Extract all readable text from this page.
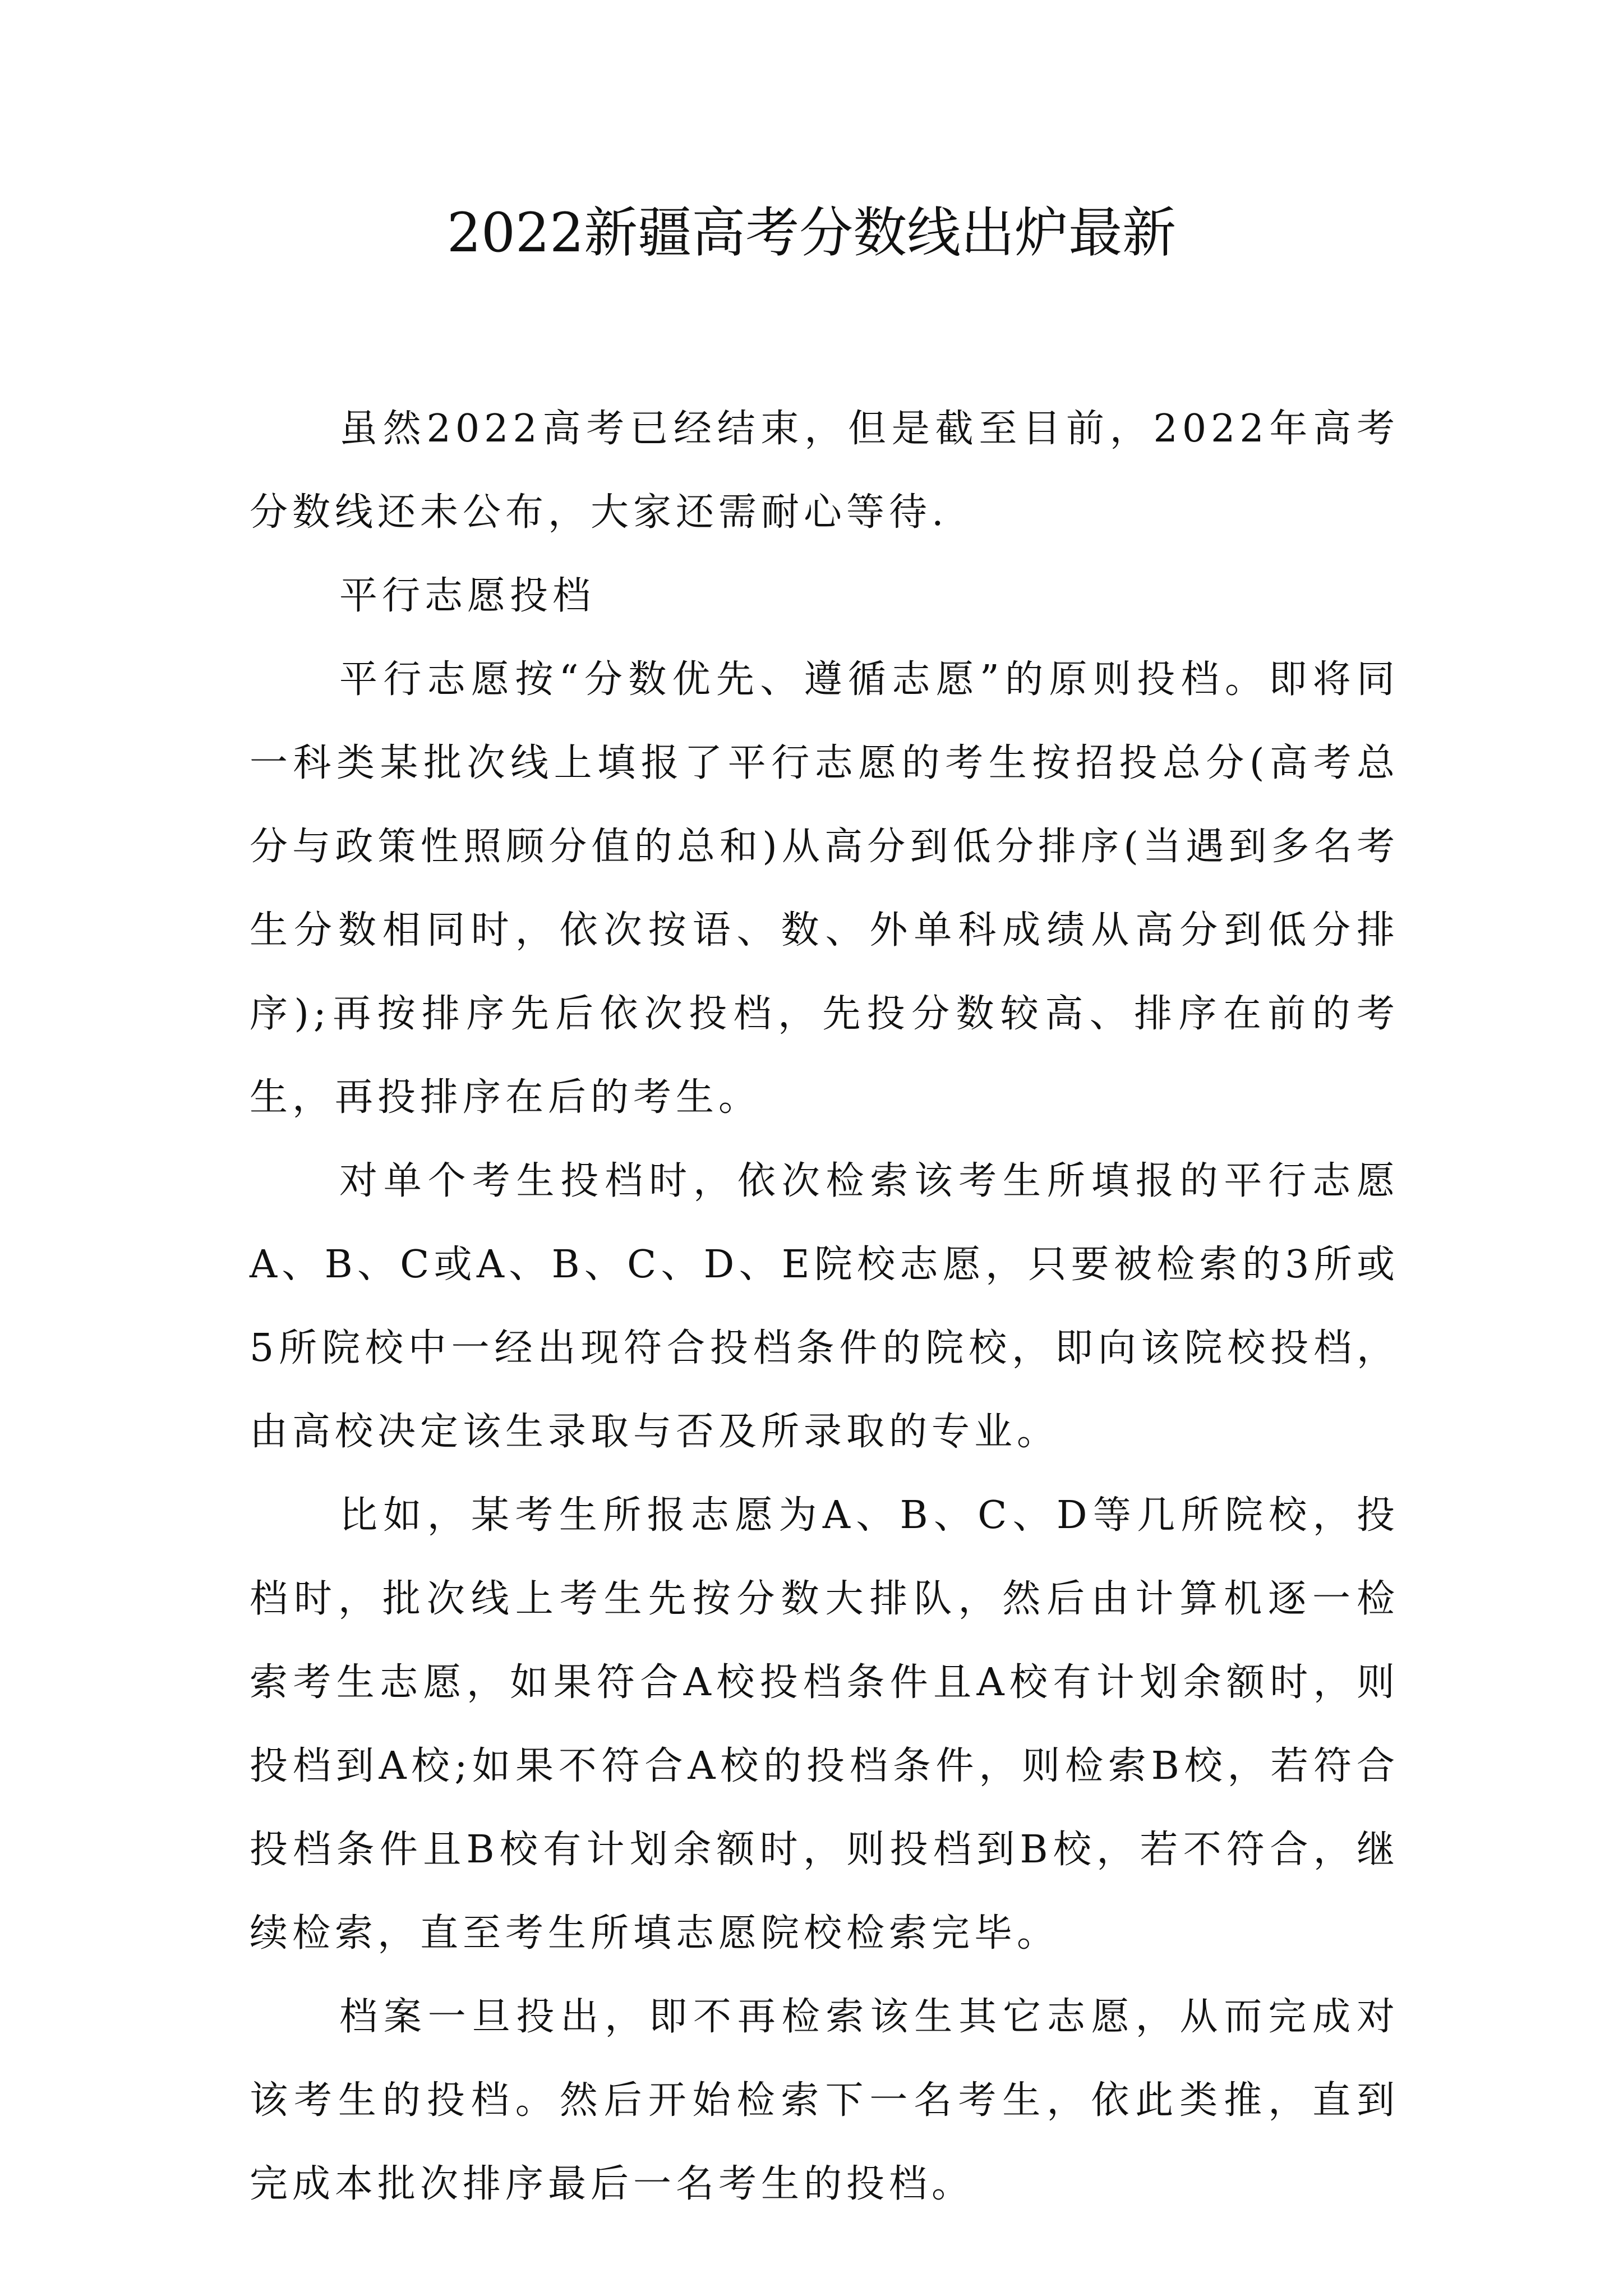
2022新疆高考分数线出炉最新

虽然2022高考已经结束，但是截至目前，2022年高考分数线还未公布，大家还需耐心等待.

平行志愿投档

平行志愿按“分数优先、遵循志愿”的原则投档。即将同一科类某批次线上填报了平行志愿的考生按招投总分(高考总分与政策性照顾分值的总和)从高分到低分排序(当遇到多名考生分数相同时，依次按语、数、外单科成绩从高分到低分排序);再按排序先后依次投档，先投分数较高、排序在前的考生，再投排序在后的考生。

对单个考生投档时，依次检索该考生所填报的平行志愿A、B、C或A、B、C、D、E院校志愿，只要被检索的3所或5所院校中一经出现符合投档条件的院校，即向该院校投档，由高校决定该生录取与否及所录取的专业。

比如，某考生所报志愿为A、B、C、D等几所院校，投档时，批次线上考生先按分数大排队，然后由计算机逐一检索考生志愿，如果符合A校投档条件且A校有计划余额时，则投档到A校;如果不符合A校的投档条件，则检索B校，若符合投档条件且B校有计划余额时，则投档到B校，若不符合，继续检索，直至考生所填志愿院校检索完毕。

档案一旦投出，即不再检索该生其它志愿，从而完成对该考生的投档。然后开始检索下一名考生，依此类推，直到完成本批次排序最后一名考生的投档。
